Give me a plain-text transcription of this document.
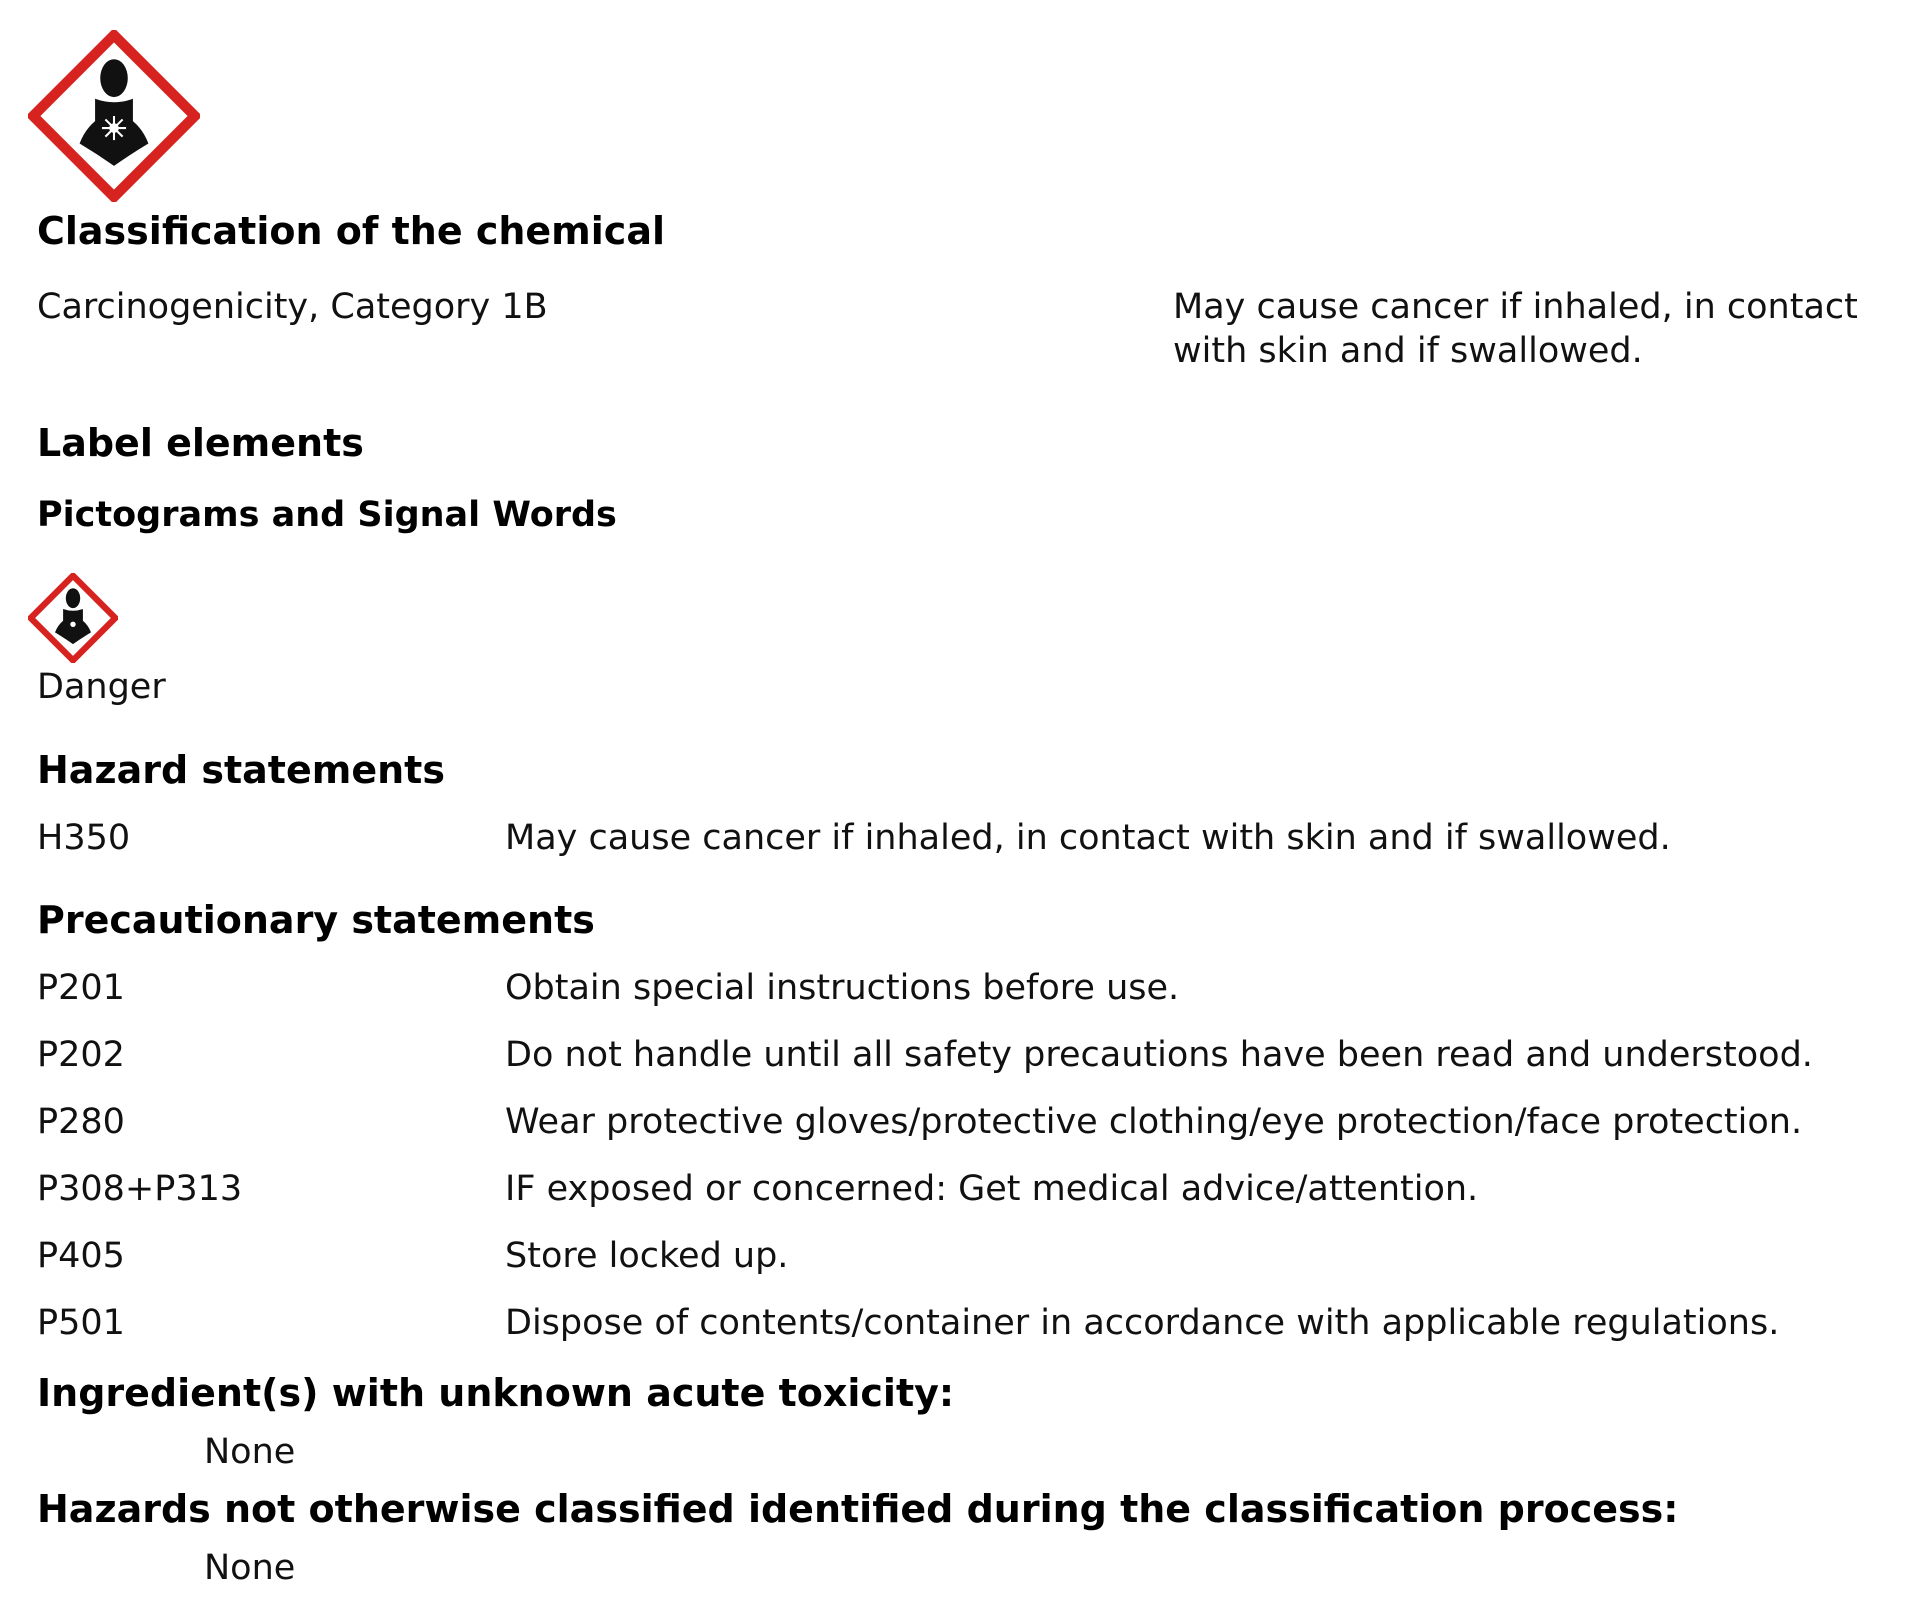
Classification of the chemical
Carcinogenicity, Category 1B	May cause cancer if inhaled, in contact with skin and if swallowed.
Label elements
Pictograms and Signal Words
Danger
Hazard statements
H350	May cause cancer if inhaled, in contact with skin and if swallowed.
Precautionary statements
P201	Obtain special instructions before use.
P202	Do not handle until all safety precautions have been read and understood.
P280	Wear protective gloves/protective clothing/eye protection/face protection.
P308+P313	IF exposed or concerned: Get medical advice/attention.
P405	Store locked up.
P501	Dispose of contents/container in accordance with applicable regulations.
Ingredient(s) with unknown acute toxicity:
None
Hazards not otherwise classified identified during the classification process:
None
